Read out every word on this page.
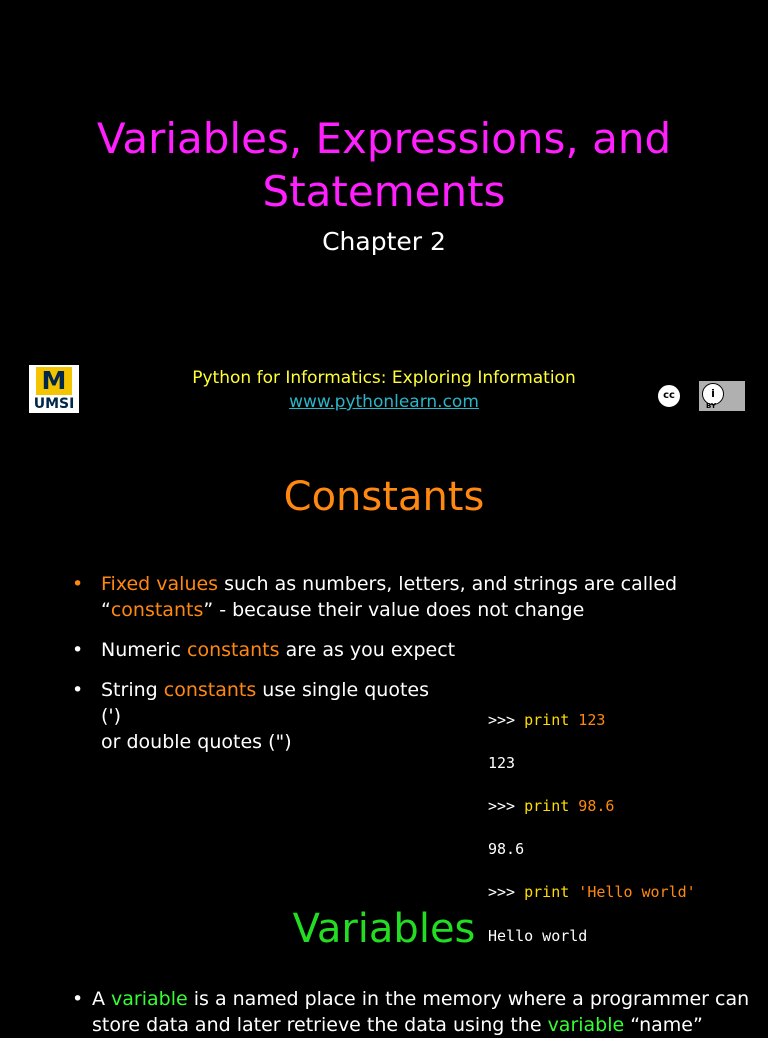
Variables, Expressions, and
Statements
Chapter 2
M
UMSI
Python for Informatics: Exploring Information
www.pythonlearn.com	cc	i
BY
Constants
• Fixed values such as numbers, letters, and strings are called
“constants” - because their value does not change
• Numeric constants are as you expect
• String constants use single quotes (')
or double quotes (")

>>> print 123

123

>>> print 98.6

98.6

>>> print 'Hello world'

Hello world

Variables
• A variable is a named place in the memory where a programmer can
store data and later retrieve the data using the variable “name”
